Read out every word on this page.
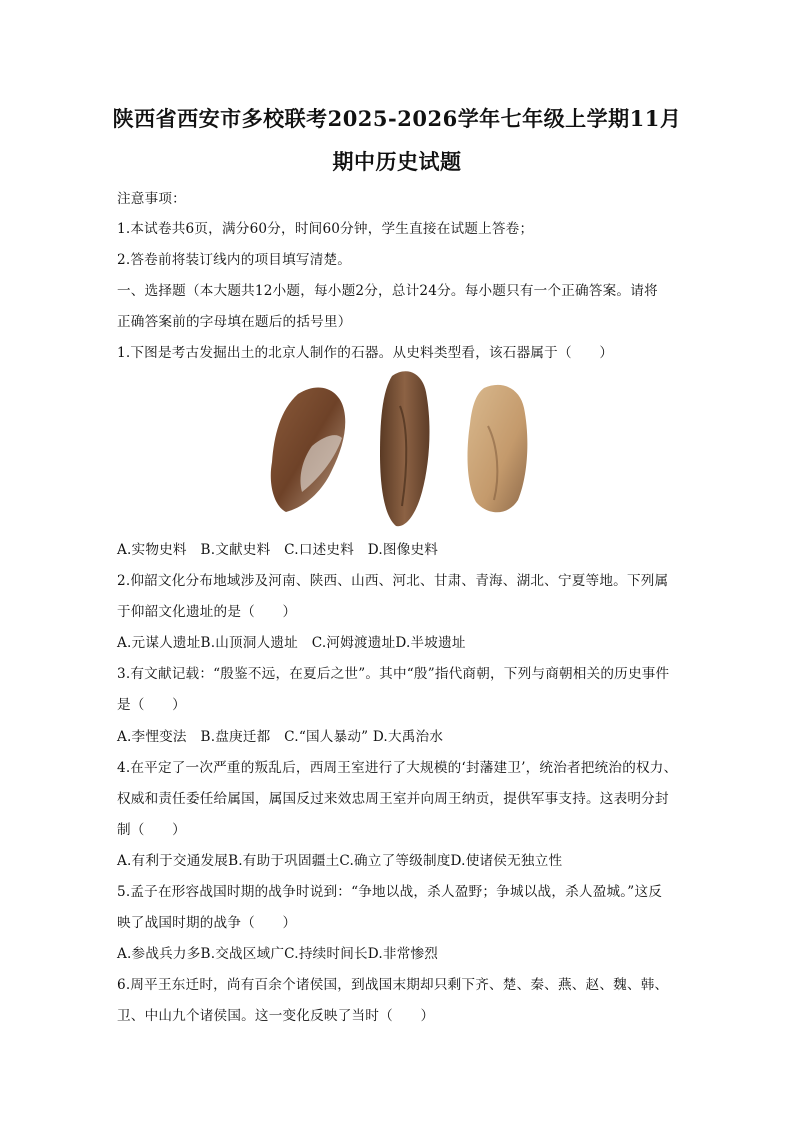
陕西省西安市多校联考2025-2026学年七年级上学期11月
期中历史试题
注意事项：
1.本试卷共6页，满分60分，时间60分钟，学生直接在试题上答卷；
2.答卷前将装订线内的项目填写清楚。
一、选择题（本大题共12小题，每小题2分，总计24分。每小题只有一个正确答案。请将
正确答案前的字母填在题后的括号里）
1.下图是考古发掘出土的北京人制作的石器。从史料类型看，该石器属于（　　）
A.实物史料　B.文献史料　C.口述史料　D.图像史料
2.仰韶文化分布地域涉及河南、陕西、山西、河北、甘肃、青海、湖北、宁夏等地。下列属
于仰韶文化遗址的是（　　）
A.元谋人遗址B.山顶洞人遗址　C.河姆渡遗址D.半坡遗址
3.有文献记载：“殷鉴不远，在夏后之世”。其中“殷”指代商朝，下列与商朝相关的历史事件
是（　　）
A.李悝变法　B.盘庚迁都　C.“国人暴动” D.大禹治水
4.在平定了一次严重的叛乱后，西周王室进行了大规模的‘封藩建卫’，统治者把统治的权力、
权威和责任委任给属国，属国反过来效忠周王室并向周王纳贡，提供军事支持。这表明分封
制（　　）
A.有利于交通发展B.有助于巩固疆土C.确立了等级制度D.使诸侯无独立性
5.孟子在形容战国时期的战争时说到：“争地以战，杀人盈野；争城以战，杀人盈城。”这反
映了战国时期的战争（　　）
A.参战兵力多B.交战区域广C.持续时间长D.非常惨烈
6.周平王东迁时，尚有百余个诸侯国，到战国末期却只剩下齐、楚、秦、燕、赵、魏、韩、
卫、中山九个诸侯国。这一变化反映了当时（　　）
